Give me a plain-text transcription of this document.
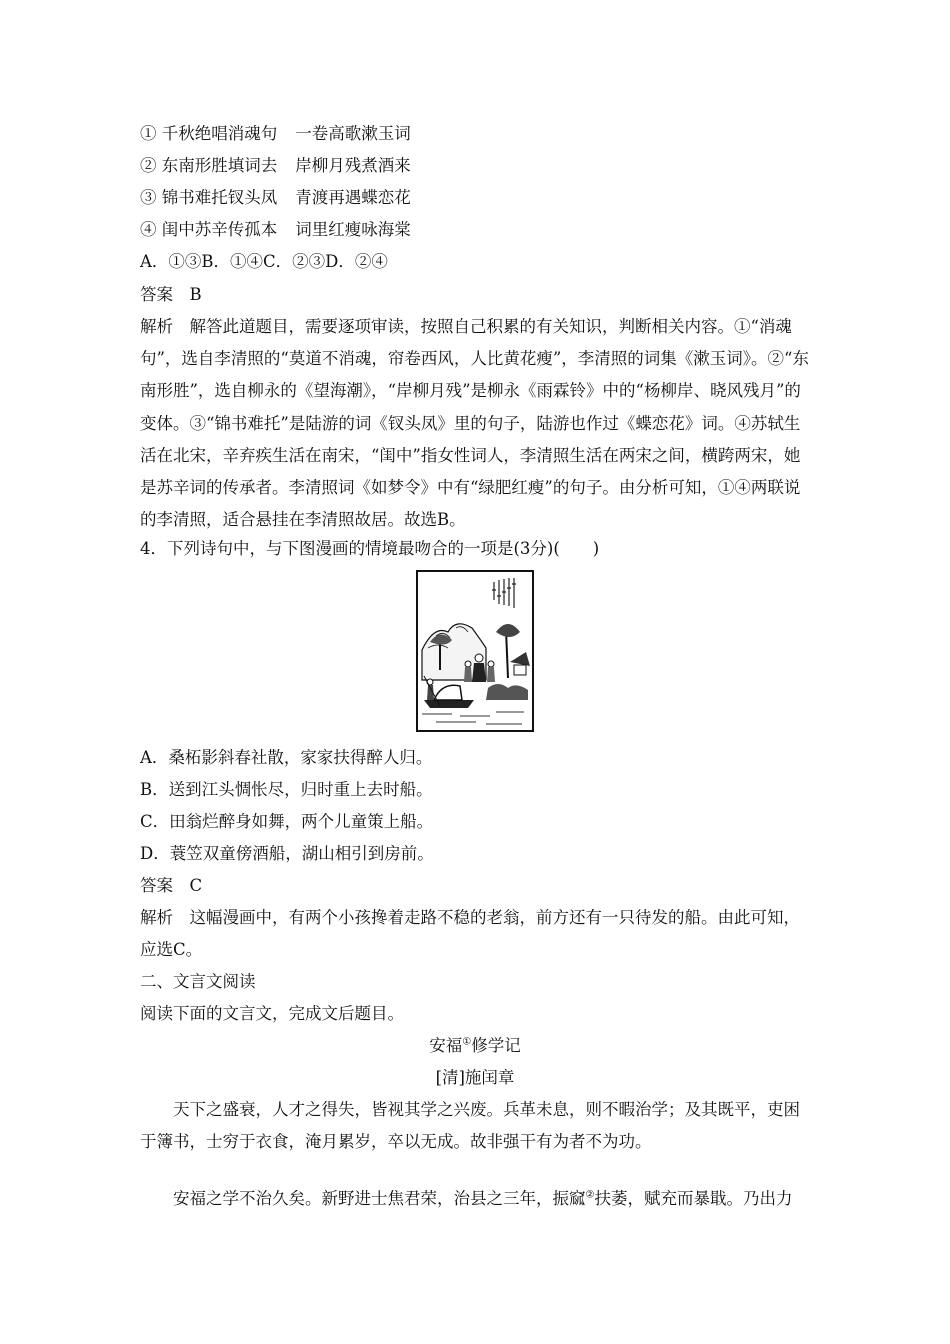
① 千秋绝唱消魂句 一卷高歌漱玉词
② 东南形胜填词去 岸柳月残煮酒来
③ 锦书难托钗头凤 青渡再遇蝶恋花
④ 闺中苏辛传孤本 词里红瘦咏海棠
A．①③B．①④C．②③D．②④
答案　B
解析　解答此道题目，需要逐项审读，按照自己积累的有关知识，判断相关内容。①“消魂句”，选自李清照的“莫道不消魂，帘卷西风，人比黄花瘦”，李清照的词集《漱玉词》。②“东南形胜”，选自柳永的《望海潮》，“岸柳月残”是柳永《雨霖铃》中的“杨柳岸、晓风残月”的变体。③“锦书难托”是陆游的词《钗头凤》里的句子，陆游也作过《蝶恋花》词。④苏轼生活在北宋，辛弃疾生活在南宋，“闺中”指女性词人，李清照生活在两宋之间，横跨两宋，她是苏辛词的传承者。李清照词《如梦令》中有“绿肥红瘦”的句子。由分析可知，①④两联说的李清照，适合悬挂在李清照故居。故选B。
4．下列诗句中，与下图漫画的情境最吻合的一项是(3分)(　　)
A．桑柘影斜春社散，家家扶得醉人归。
B．送到江头惆怅尽，归时重上去时船。
C．田翁烂醉身如舞，两个儿童策上船。
D．蓑笠双童傍酒船，湖山相引到房前。
答案　C
解析　这幅漫画中，有两个小孩搀着走路不稳的老翁，前方还有一只待发的船。由此可知，应选C。
二、文言文阅读
阅读下面的文言文，完成文后题目。
安福①修学记
[清]施闰章
天下之盛衰，人才之得失，皆视其学之兴废。兵革未息，则不暇治学；及其既平，吏困于簿书，士穷于衣食，淹月累岁，卒以无成。故非强干有为者不为功。
安福之学不治久矣。新野进士焦君荣，治县之三年，振窳②扶萎，赋充而暴戢。乃出力
